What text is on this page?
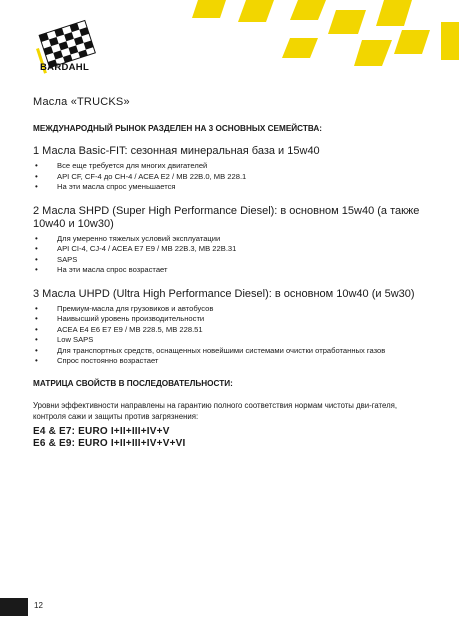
BARDAHL
Масла «TRUCKS»
МЕЖДУНАРОДНЫЙ РЫНОК РАЗДЕЛЕН НА 3 ОСНОВНЫХ СЕМЕЙСТВА:
1 Масла Basic-FIT: сезонная минеральная база и 15w40
• Все еще требуется для многих двигателей
• API CF, CF-4 до CH-4 / ACEA E2 / MB 22B.0, MB 228.1
• На эти масла спрос уменьшается
2 Масла SHPD (Super High Performance Diesel): в основном 15w40 (а также 10w40 и 10w30)
• Для умеренно тяжелых условий эксплуатации
• API CI-4, CJ-4 / ACEA E7 E9 / MB 22B.3, MB 22B.31
• SAPS
• На эти масла спрос возрастает
3 Масла UHPD (Ultra High Performance Diesel): в основном 10w40 (и 5w30)
• Премиум-масла для грузовиков и автобусов
• Наивысший уровень производительности
• ACEA E4 E6 E7 E9 / MB 228.5, MB 228.51
• Low SAPS
• Для транспортных средств, оснащенных новейшими системами очистки отработанных газов
• Спрос постоянно возрастает
МАТРИЦА СВОЙСТВ В ПОСЛЕДОВАТЕЛЬНОСТИ:
Уровни эффективности направлены на гарантию полного соответствия нормам чистоты дви-гателя, контроля сажи и защиты против загрязнения:
E4 & E7: EURO I+II+III+IV+V
E6 & E9: EURO I+II+III+IV+V+VI
12
